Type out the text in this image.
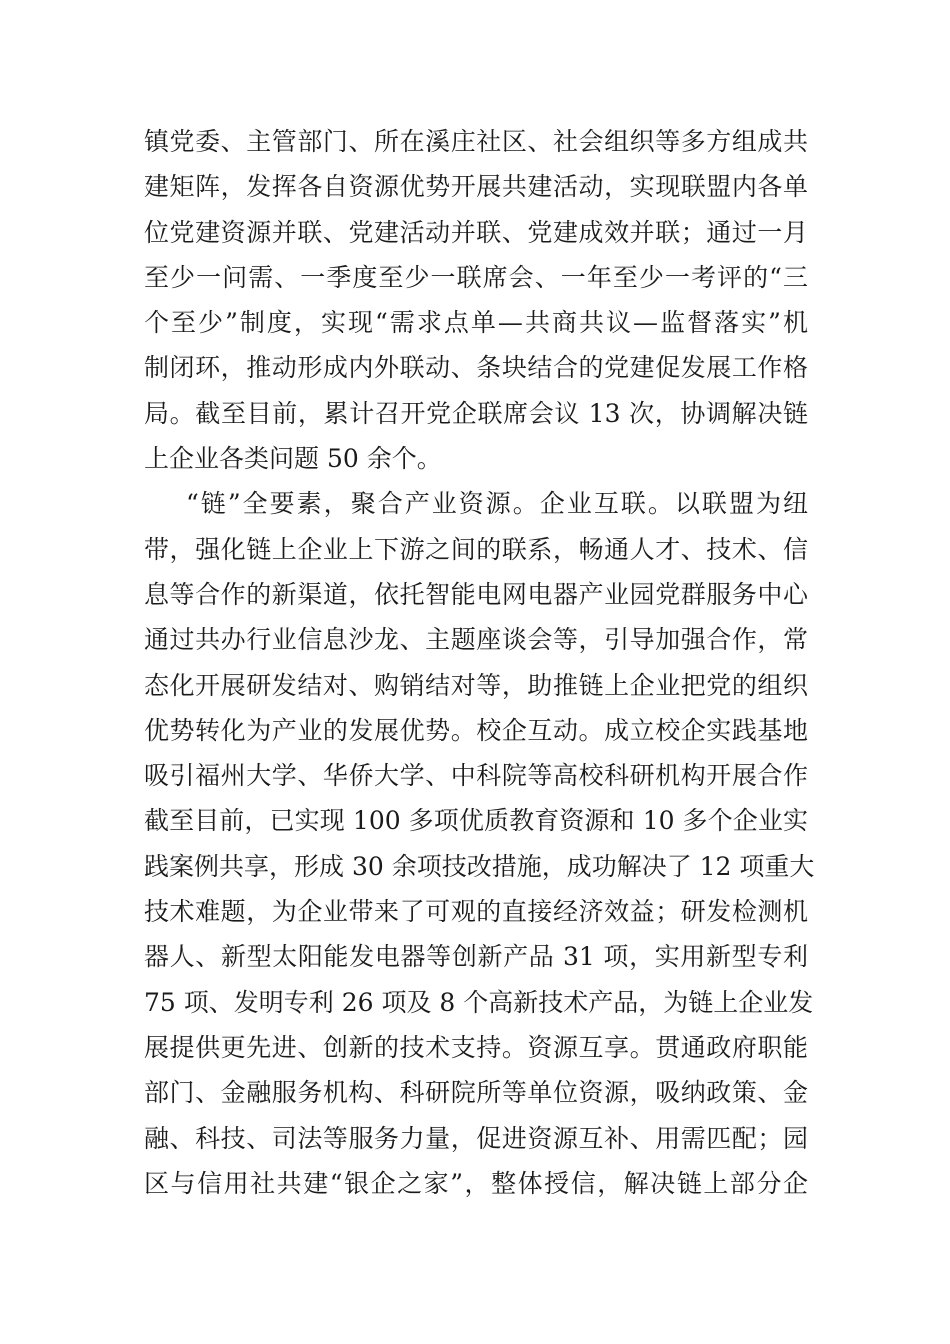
镇党委、主管部门、所在溪庄社区、社会组织等多方组成共
建矩阵，发挥各自资源优势开展共建活动，实现联盟内各单
位党建资源并联、党建活动并联、党建成效并联；通过一月
至少一问需、一季度至少一联席会、一年至少一考评的“三
个至少”制度，实现“需求点单—共商共议—监督落实”机
制闭环，推动形成内外联动、条块结合的党建促发展工作格
局。截至目前，累计召开党企联席会议 13 次，协调解决链
上企业各类问题 50 余个。
“链”全要素，聚合产业资源。企业互联。以联盟为纽
带，强化链上企业上下游之间的联系，畅通人才、技术、信
息等合作的新渠道，依托智能电网电器产业园党群服务中心
通过共办行业信息沙龙、主题座谈会等，引导加强合作，常
态化开展研发结对、购销结对等，助推链上企业把党的组织
优势转化为产业的发展优势。校企互动。成立校企实践基地
吸引福州大学、华侨大学、中科院等高校科研机构开展合作
截至目前，已实现 100 多项优质教育资源和 10 多个企业实
践案例共享，形成 30 余项技改措施，成功解决了 12 项重大
技术难题，为企业带来了可观的直接经济效益；研发检测机
器人、新型太阳能发电器等创新产品 31 项，实用新型专利
75 项、发明专利 26 项及 8 个高新技术产品，为链上企业发
展提供更先进、创新的技术支持。资源互享。贯通政府职能
部门、金融服务机构、科研院所等单位资源，吸纳政策、金
融、科技、司法等服务力量，促进资源互补、用需匹配；园
区与信用社共建“银企之家”，整体授信，解决链上部分企
